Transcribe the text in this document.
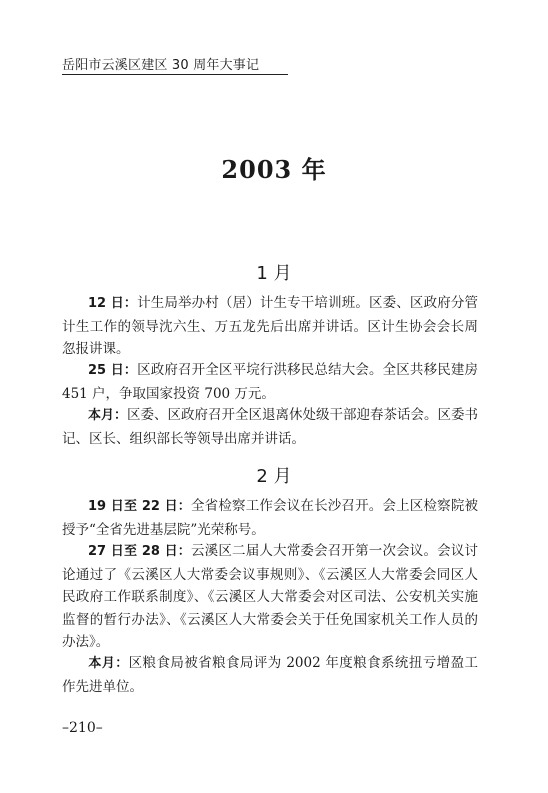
岳阳市云溪区建区 30 周年大事记
2003 年
1 月

12 日：计生局举办村（居）计生专干培训班。区委、区政府分管计生工作的领导沈六生、万五龙先后出席并讲话。区计生协会会长周忽报讲课。

25 日：区政府召开全区平垸行洪移民总结大会。全区共移民建房 451 户，争取国家投资 700 万元。

本月：区委、区政府召开全区退离休处级干部迎春茶话会。区委书记、区长、组织部长等领导出席并讲话。

2 月

19 日至 22 日：全省检察工作会议在长沙召开。会上区检察院被授予“全省先进基层院”光荣称号。

27 日至 28 日：云溪区二届人大常委会召开第一次会议。会议讨论通过了《云溪区人大常委会议事规则》、《云溪区人大常委会同区人民政府工作联系制度》、《云溪区人大常委会对区司法、公安机关实施监督的暂行办法》、《云溪区人大常委会关于任免国家机关工作人员的办法》。

本月：区粮食局被省粮食局评为 2002 年度粮食系统扭亏增盈工作先进单位。

–210–
